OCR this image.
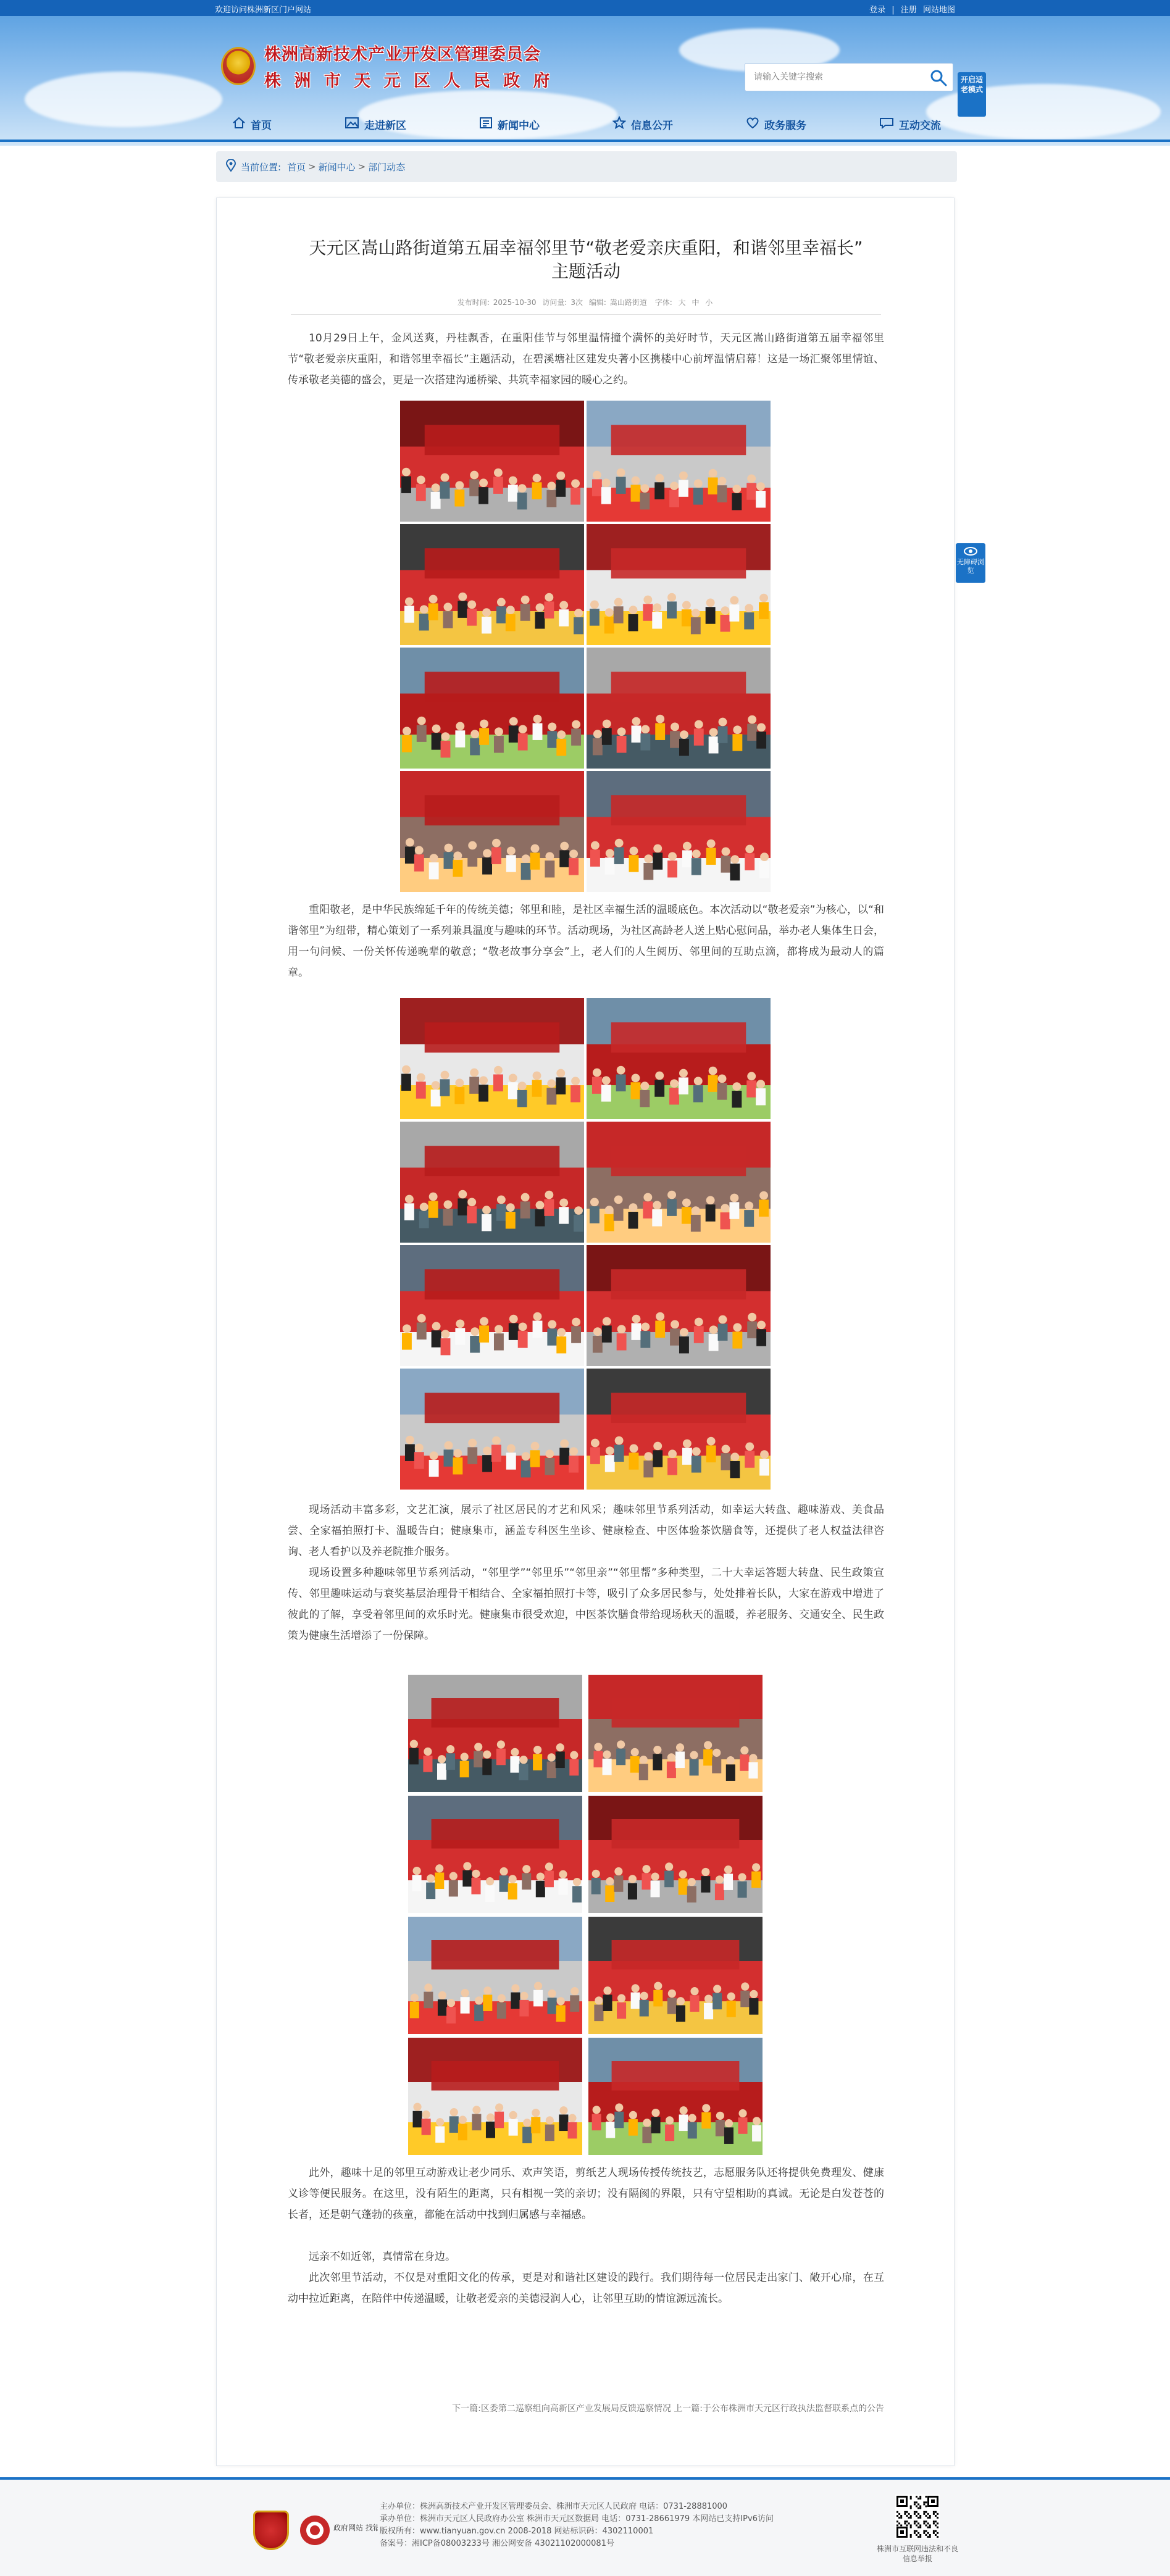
欢迎访问株洲新区门户网站	登录 | 注册 网站地图
株洲高新技术产业开发区管理委员会
株 洲 市 天 元 区 人 民 政 府
请输入关键字搜索	开启适老模式
首页	走进新区	新闻中心	信息公开	政务服务	互动交流
当前位置: 首页 > 新闻中心 > 部门动态
天元区嵩山路街道第五届幸福邻里节“敬老爱亲庆重阳，和谐邻里幸福长”
主题活动
发布时间: 2025-10-30 访问量: 3次 编辑: 嵩山路街道 字体: 大 中 小

10月29日上午，金风送爽，丹桂飘香，在重阳佳节与邻里温情撞个满怀的美好时节，天元区嵩山路街道第五届幸福邻里节“敬老爱亲庆重阳，和谐邻里幸福长”主题活动，在碧溪塘社区建发央著小区携楼中心前坪温情启幕！这是一场汇聚邻里情谊、传承敬老美德的盛会，更是一次搭建沟通桥梁、共筑幸福家园的暖心之约。

重阳敬老，是中华民族绵延千年的传统美德；邻里和睦，是社区幸福生活的温暖底色。本次活动以“敬老爱亲”为核心，以“和谐邻里”为纽带，精心策划了一系列兼具温度与趣味的环节。活动现场，为社区高龄老人送上贴心慰问品，举办老人集体生日会，用一句问候、一份关怀传递晚辈的敬意；“敬老故事分享会”上，老人们的人生阅历、邻里间的互助点滴，都将成为最动人的篇章。

现场活动丰富多彩，文艺汇演，展示了社区居民的才艺和风采；趣味邻里节系列活动，如幸运大转盘、趣味游戏、美食品尝、全家福拍照打卡、温暖告白；健康集市，涵盖专科医生坐诊、健康检查、中医体验茶饮膳食等，还提供了老人权益法律咨询、老人看护以及养老院推介服务。

现场设置多种趣味邻里节系列活动，“邻里学”“邻里乐”“邻里亲”“邻里帮”多种类型，二十大幸运答题大转盘、民生政策宣传、邻里趣味运动与衰奖基层治理骨干相结合、全家福拍照打卡等，吸引了众多居民参与，处处排着长队，大家在游戏中增进了彼此的了解，享受着邻里间的欢乐时光。健康集市很受欢迎，中医茶饮膳食带给现场秋天的温暖，养老服务、交通安全、民生政策为健康生活增添了一份保障。

此外，趣味十足的邻里互动游戏让老少同乐、欢声笑语，剪纸艺人现场传授传统技艺，志愿服务队还将提供免费理发、健康义诊等便民服务。在这里，没有陌生的距离，只有相视一笑的亲切；没有隔阂的界限，只有守望相助的真诚。无论是白发苍苍的长者，还是朝气蓬勃的孩童，都能在活动中找到归属感与幸福感。

远亲不如近邻，真情常在身边。

此次邻里节活动，不仅是对重阳文化的传承，更是对和谐社区建设的践行。我们期待每一位居民走出家门、敞开心扉，在互动中拉近距离，在陪伴中传递温暖，让敬老爱亲的美德浸润人心，让邻里互助的情谊源远流长。

下一篇:区委第二巡察组向高新区产业发展局反馈巡察情况 上一篇:于公布株洲市天元区行政执法监督联系点的公告
无障碍浏览
政府网站 找错
主办单位：株洲高新技术产业开发区管理委员会、株洲市天元区人民政府 电话：0731-28881000
承办单位：株洲市天元区人民政府办公室 株洲市天元区数据局 电话：0731-28661979 本网站已支持IPv6访问
版权所有：www.tianyuan.gov.cn 2008-2018 网站标识码：4302110001
备案号：湘ICP备08003233号 湘公网安备 43021102000081号
株洲市互联网违法和不良信息举报
